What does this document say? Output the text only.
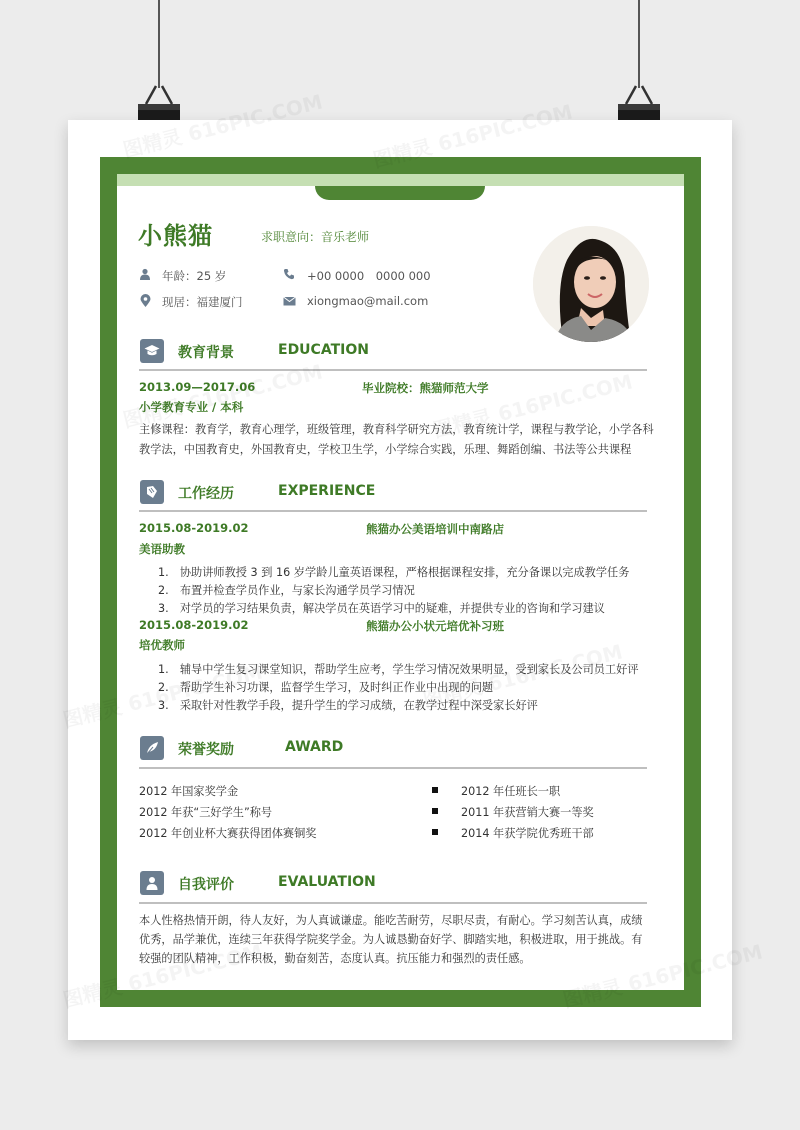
小熊猫	求职意向：音乐老师
年龄：25 岁	+00 0000　0000 000
现居：福建厦门	xiongmao@mail.com
教育背景	EDUCATION
2013.09—2017.06	毕业院校：熊猫师范大学
小学教育专业 / 本科
主修课程：教育学，教育心理学，班级管理，教育科学研究方法，教育统计学，课程与教学论，小学各科
教学法，中国教育史，外国教育史，学校卫生学，小学综合实践，乐理、舞蹈创编、书法等公共课程
工作经历	EXPERIENCE
2015.08-2019.02	熊猫办公美语培训中南路店
美语助教
1.　协助讲师教授 3 到 16 岁学龄儿童英语课程，严格根据课程安排，充分备课以完成教学任务
2.　布置并检查学员作业，与家长沟通学员学习情况
3.　对学员的学习结果负责，解决学员在英语学习中的疑难，并提供专业的咨询和学习建议
2015.08-2019.02	熊猫办公小状元培优补习班
培优教师
1.　辅导中学生复习课堂知识，帮助学生应考，学生学习情况效果明显，受到家长及公司员工好评
2.　帮助学生补习功课，监督学生学习，及时纠正作业中出现的问题
3.　采取针对性教学手段，提升学生的学习成绩，在教学过程中深受家长好评
荣誉奖励	AWARD
2012 年国家奖学金
2012 年获“三好学生”称号
2012 年创业杯大赛获得团体赛铜奖
2012 年任班长一职
2011 年获营销大赛一等奖
2014 年获学院优秀班干部
自我评价	EVALUATION
本人性格热情开朗，待人友好，为人真诚谦虚。能吃苦耐劳，尽职尽责，有耐心。学习刻苦认真，成绩
优秀，品学兼优，连续三年获得学院奖学金。为人诚恳勤奋好学、脚踏实地，积极进取，用于挑战。有
较强的团队精神，工作积极，勤奋刻苦，态度认真。抗压能力和强烈的责任感。
